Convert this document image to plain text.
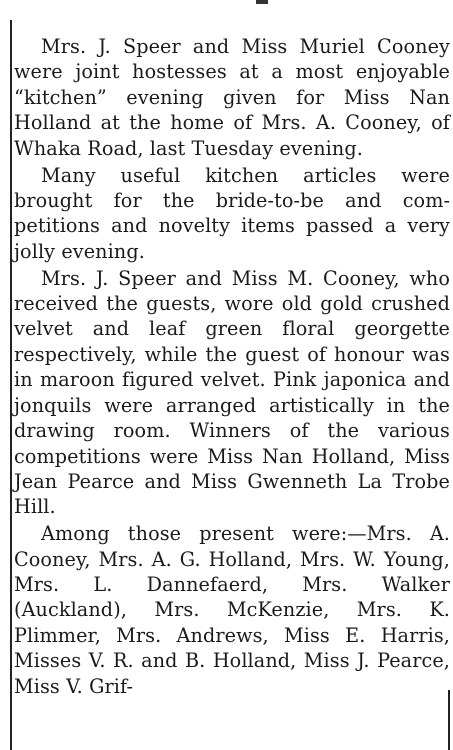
Mrs. J. Speer and Miss Muriel Cooney were joint hostesses at a most enjoyable “kitchen” evening given for Miss Nan Holland at the home of Mrs. A. Cooney, of Whaka Road, last Tuesday evening.

Many useful kitchen articles were brought for the bride-to-be and competitions and novelty items passed a very jolly evening.

Mrs. J. Speer and Miss M. Cooney, who received the guests, wore old gold crushed velvet and leaf green floral georgette respectively, while the guest of honour was in maroon figured velvet. Pink japonica and jonquils were arranged artistically in the drawing room. Winners of the various competitions were Miss Nan Holland, Miss Jean Pearce and Miss Gwenneth La Trobe Hill.

Among those present were:—Mrs. A. Cooney, Mrs. A. G. Holland, Mrs. W. Young, Mrs. L. Dannefaerd, Mrs. Walker (Auckland), Mrs. McKenzie, Mrs. K. Plimmer, Mrs. Andrews, Miss E. Harris, Misses V. R. and B. Holland, Miss J. Pearce, Miss V. Grif-
